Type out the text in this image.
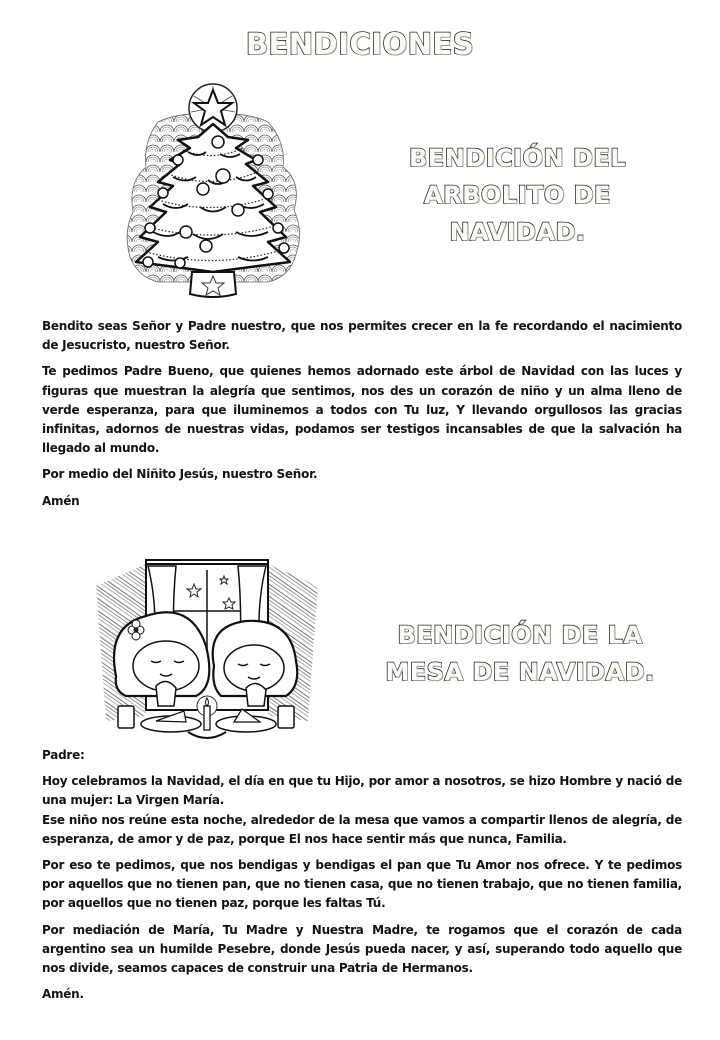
BENDICIONES
BENDICIÓN DEL
ARBOLITO DE
NAVIDAD.

Bendito seas Señor y Padre nuestro, que nos permites crecer en la fe recordando el nacimiento de Jesucristo, nuestro Señor.

Te pedimos Padre Bueno, que quienes hemos adornado este árbol de Navidad con las luces y figuras que muestran la alegría que sentimos, nos des un corazón de niño y un alma lleno de verde esperanza, para que iluminemos a todos con Tu luz, Y llevando orgullosos las gracias infinitas, adornos de nuestras vidas, podamos ser testigos incansables de que la salvación ha llegado al mundo.

Por medio del Niñito Jesús, nuestro Señor.

Amén

BENDICIÓN DE LA
MESA DE NAVIDAD.

Padre:

Hoy celebramos la Navidad, el día en que tu Hijo, por amor a nosotros, se hizo Hombre y nació de una mujer: La Virgen María.

Ese niño nos reúne esta noche, alrededor de la mesa que vamos a compartir llenos de alegría, de esperanza, de amor y de paz, porque El nos hace sentir más que nunca, Familia.

Por eso te pedimos, que nos bendigas y bendigas el pan que Tu Amor nos ofrece. Y te pedimos por aquellos que no tienen pan, que no tienen casa, que no tienen trabajo, que no tienen familia, por aquellos que no tienen paz, porque les faltas Tú.

Por mediación de María, Tu Madre y Nuestra Madre, te rogamos que el corazón de cada argentino sea un humilde Pesebre, donde Jesús pueda nacer, y así, superando todo aquello que nos divide, seamos capaces de construir una Patria de Hermanos.

Amén.
